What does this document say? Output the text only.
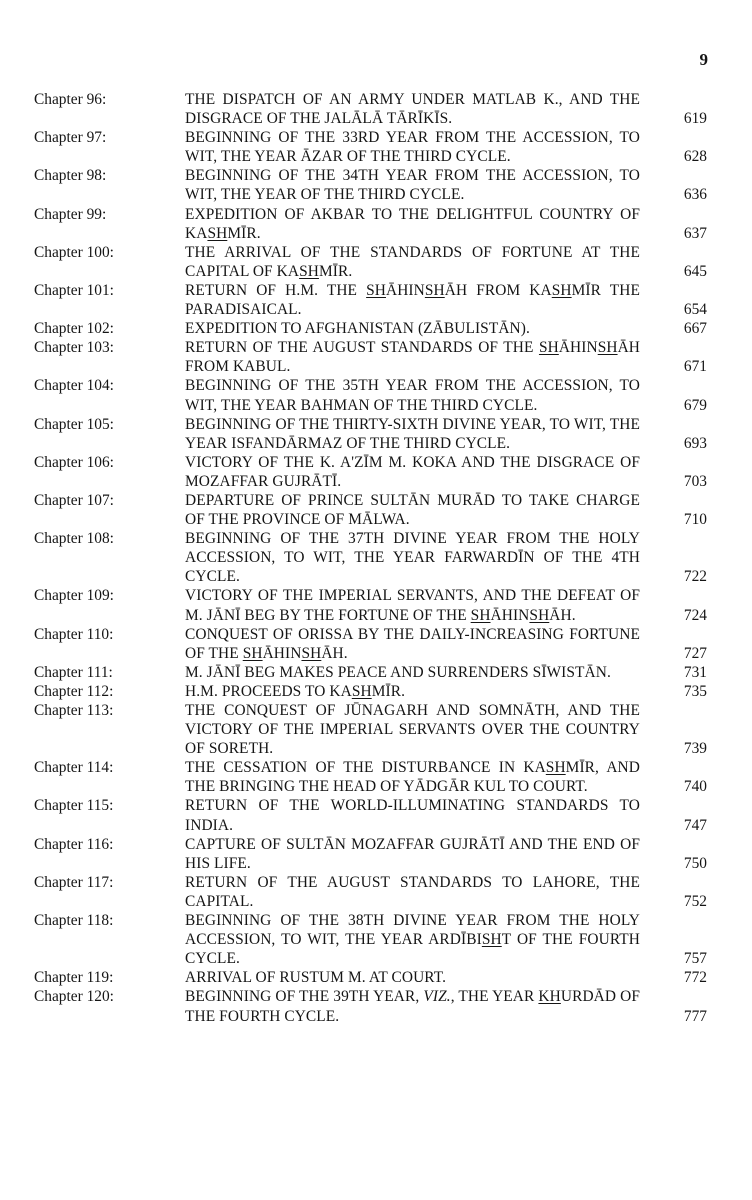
9
Chapter 96:	THE DISPATCH OF AN ARMY UNDER MATLAB K., AND THE DISGRACE OF THE JALĀLĀ TĀRĪKĪS.	619
Chapter 97:	BEGINNING OF THE 33RD YEAR FROM THE ACCESSION, TO WIT, THE YEAR ĀZAR OF THE THIRD CYCLE.	628
Chapter 98:	BEGINNING OF THE 34TH YEAR FROM THE ACCESSION, TO WIT, THE YEAR OF THE THIRD CYCLE.	636
Chapter 99:	EXPEDITION OF AKBAR TO THE DELIGHTFUL COUNTRY OF KASHMĪR.	637
Chapter 100:	THE ARRIVAL OF THE STANDARDS OF FORTUNE AT THE CAPITAL OF KASHMĪR.	645
Chapter 101:	RETURN OF H.M. THE SHĀHINSHĀH FROM KASHMĪR THE PARADISAICAL.	654
Chapter 102:	EXPEDITION TO AFGHANISTAN (ZĀBULISTĀN).	667
Chapter 103:	RETURN OF THE AUGUST STANDARDS OF THE SHĀHINSHĀH FROM KABUL.	671
Chapter 104:	BEGINNING OF THE 35TH YEAR FROM THE ACCESSION, TO WIT, THE YEAR BAHMAN OF THE THIRD CYCLE.	679
Chapter 105:	BEGINNING OF THE THIRTY-SIXTH DIVINE YEAR, TO WIT, THE YEAR ISFANDĀRMAZ OF THE THIRD CYCLE.	693
Chapter 106:	VICTORY OF THE K. A'ZĪM M. KOKA AND THE DISGRACE OF MOZAFFAR GUJRĀTĪ.	703
Chapter 107:	DEPARTURE OF PRINCE SULTĀN MURĀD TO TAKE CHARGE OF THE PROVINCE OF MĀLWA.	710
Chapter 108:	BEGINNING OF THE 37TH DIVINE YEAR FROM THE HOLY ACCESSION, TO WIT, THE YEAR FARWARDĪN OF THE 4TH CYCLE.	722
Chapter 109:	VICTORY OF THE IMPERIAL SERVANTS, AND THE DEFEAT OF M. JĀNĪ BEG BY THE FORTUNE OF THE SHĀHINSHĀH.	724
Chapter 110:	CONQUEST OF ORISSA BY THE DAILY-INCREASING FORTUNE OF THE SHĀHINSHĀH.	727
Chapter 111:	M. JĀNĪ BEG MAKES PEACE AND SURRENDERS SĪWISTĀN.	731
Chapter 112:	H.M. PROCEEDS TO KASHMĪR.	735
Chapter 113:	THE CONQUEST OF JŪNAGARH AND SOMNĀTH, AND THE VICTORY OF THE IMPERIAL SERVANTS OVER THE COUNTRY OF SORETH.	739
Chapter 114:	THE CESSATION OF THE DISTURBANCE IN KASHMĪR, AND THE BRINGING THE HEAD OF YĀDGĀR KUL TO COURT.	740
Chapter 115:	RETURN OF THE WORLD-ILLUMINATING STANDARDS TO INDIA.	747
Chapter 116:	CAPTURE OF SULTĀN MOZAFFAR GUJRĀTĪ AND THE END OF HIS LIFE.	750
Chapter 117:	RETURN OF THE AUGUST STANDARDS TO LAHORE, THE CAPITAL.	752
Chapter 118:	BEGINNING OF THE 38TH DIVINE YEAR FROM THE HOLY ACCESSION, TO WIT, THE YEAR ARDĪBISHT OF THE FOURTH CYCLE.	757
Chapter 119:	ARRIVAL OF RUSTUM M. AT COURT.	772
Chapter 120:	BEGINNING OF THE 39TH YEAR, VIZ., THE YEAR KHURDĀD OF THE FOURTH CYCLE.	777
